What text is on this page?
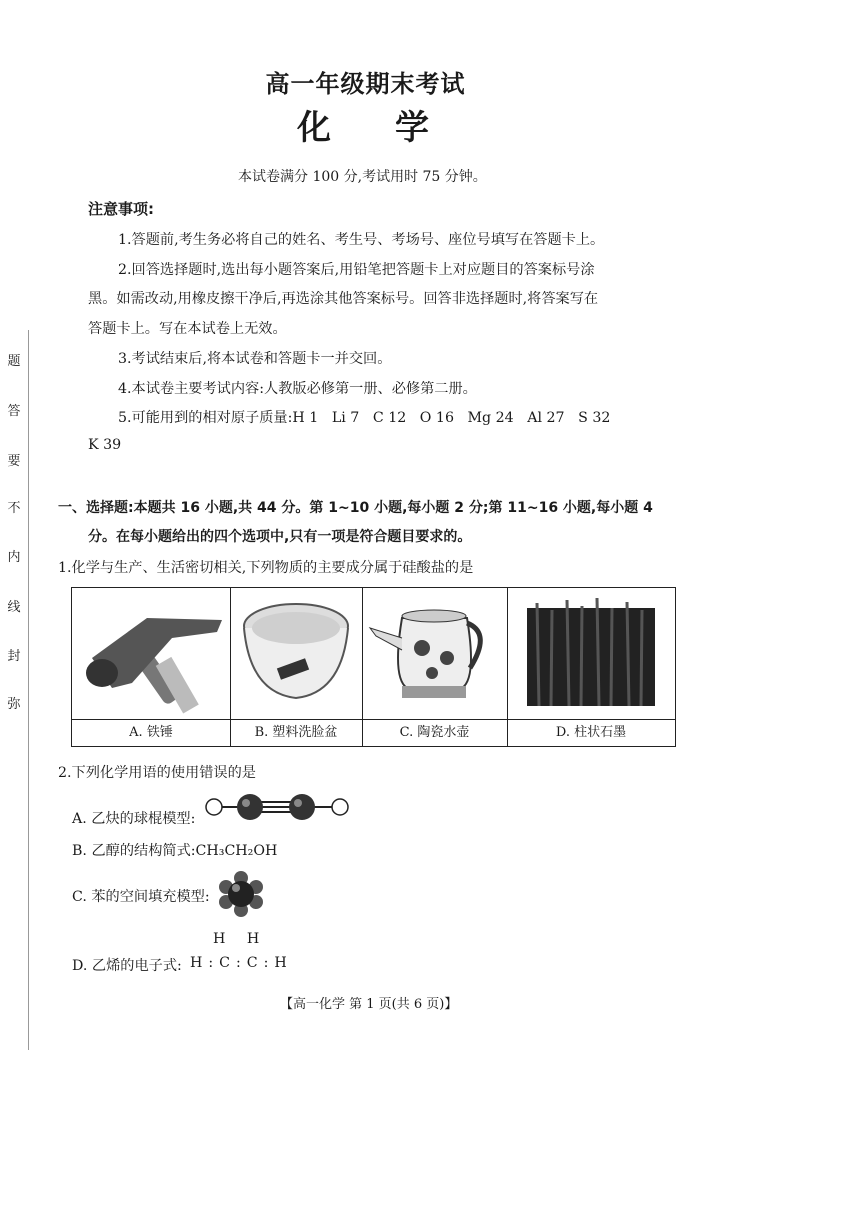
题
答
要
不
内
线
封
弥
高一年级期末考试
化学
本试卷满分 100 分,考试用时 75 分钟。
注意事项:
1.答题前,考生务必将自己的姓名、考生号、考场号、座位号填写在答题卡上。
2.回答选择题时,选出每小题答案后,用铅笔把答题卡上对应题目的答案标号涂
黑。如需改动,用橡皮擦干净后,再选涂其他答案标号。回答非选择题时,将答案写在
答题卡上。写在本试卷上无效。
3.考试结束后,将本试卷和答题卡一并交回。
4.本试卷主要考试内容:人教版必修第一册、必修第二册。
5.可能用到的相对原子质量:H 1   Li 7   C 12   O 16   Mg 24   Al 27   S 32
K 39
一、选择题:本题共 16 小题,共 44 分。第 1~10 小题,每小题 2 分;第 11~16 小题,每小题 4
分。在每小题给出的四个选项中,只有一项是符合题目要求的。
1.化学与生产、生活密切相关,下列物质的主要成分属于硅酸盐的是
A. 铁锤	B. 塑料洗脸盆	C. 陶瓷水壶	D. 柱状石墨
2.下列化学用语的使用错误的是
A. 乙炔的球棍模型:
B. 乙醇的结构简式:CH₃CH₂OH
C. 苯的空间填充模型:
H   H
D. 乙烯的电子式: H:C:C:H
【高一化学 第 1 页(共 6 页)】
